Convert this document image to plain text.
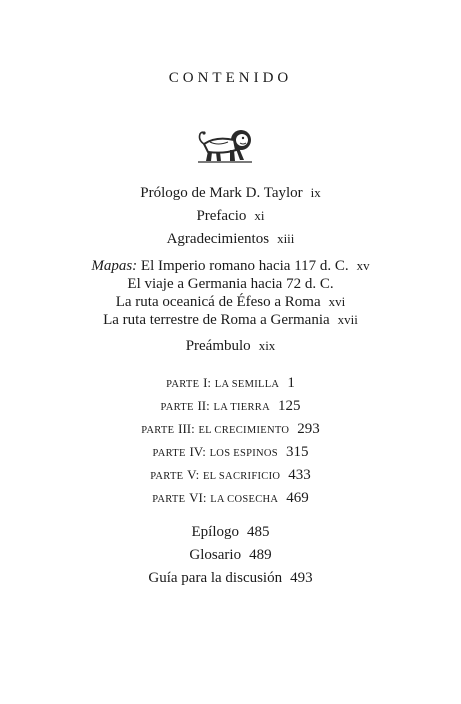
CONTENIDO
Prólogo de Mark D. Taylor ix
Prefacio xi
Agradecimientos xiii
Mapas: El Imperio romano hacia 117 d. C. xv
El viaje a Germania hacia 72 d. C.
La ruta oceanicá de Éfeso a Roma xvi
La ruta terrestre de Roma a Germania xvii
Preámbulo xix
PARTE I: LA SEMILLA 1
PARTE II: LA TIERRA 125
PARTE III: EL CRECIMIENTO 293
PARTE IV: LOS ESPINOS 315
PARTE V: EL SACRIFICIO 433
PARTE VI: LA COSECHA 469
Epílogo 485
Glosario 489
Guía para la discusión 493
